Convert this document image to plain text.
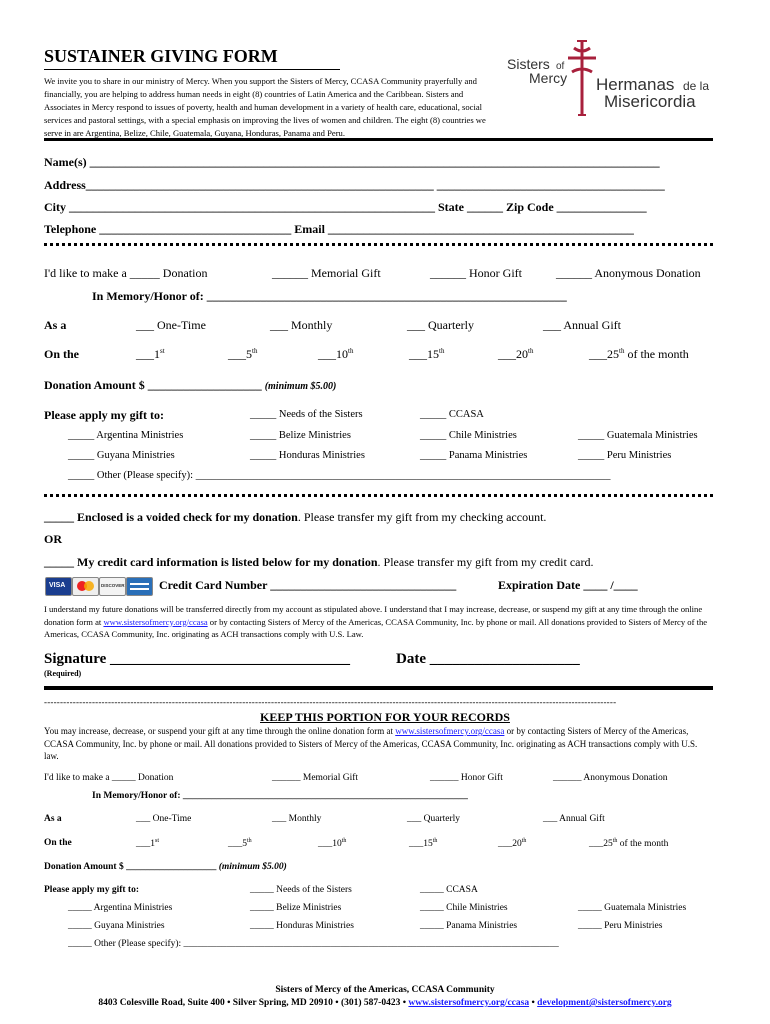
SUSTAINER GIVING FORM
We invite you to share in our ministry of Mercy. When you support the Sisters of Mercy, CCASA Community prayerfully and financially, you are helping to address human needs in eight (8) countries of Latin America and the Caribbean. Sisters and Associates in Mercy respond to issues of poverty, health and human development in a variety of health care, educational, social services and pastoral settings, with a special emphasis on improving the lives of women and children. The eight (8) countries we serve in are Argentina, Belize, Chile, Guatemala, Guyana, Honduras, Panama and Peru.
Sisters of
Mercy Hermanas de la
Misericordia
Name(s) _______________________________________________________________________________________________
Address__________________________________________________________ ______________________________________
City _____________________________________________________________ State ______ Zip Code _______________
Telephone ________________________________ Email ___________________________________________________
I'd like to make a _____ Donation	______ Memorial Gift	______ Honor Gift	______ Anonymous Donation
In Memory/Honor of: ____________________________________________________________
As a	___ One-Time	___ Monthly	___ Quarterly	___ Annual Gift
On the	___1st	___5th	___10th	___15th	___20th	___25th of the month
Donation Amount $ ___________________ (minimum $5.00)
Please apply my gift to:	_____ Needs of the Sisters	_____ CCASA
_____ Argentina Ministries	_____ Belize Ministries	_____ Chile Ministries	_____ Guatemala Ministries
_____ Guyana Ministries	_____ Honduras Ministries	_____ Panama Ministries	_____ Peru Ministries
_____ Other (Please specify): _______________________________________________________________________________
_____ Enclosed is a voided check for my donation. Please transfer my gift from my checking account.
OR
_____ My credit card information is listed below for my donation. Please transfer my gift from my credit card.
VISA	DISCOVER	Credit Card Number _______________________________	Expiration Date ____ /____
I understand my future donations will be transferred directly from my account as stipulated above. I understand that I may increase, decrease, or suspend my gift at any time through the online donation form at www.sistersofmercy.org/ccasa or by contacting Sisters of Mercy of the Americas, CCASA Community, Inc. by phone or mail. All donations provided to Sisters of Mercy of the Americas, CCASA Community, Inc. originating as ACH transactions comply with U.S. Law.
Signature ________________________________	Date ____________________
(Required)
-----------------------------------------------------------------------------------------------------------------------------------------------------------------------------------
KEEP THIS PORTION FOR YOUR RECORDS
You may increase, decrease, or suspend your gift at any time through the online donation form at www.sistersofmercy.org/ccasa or by contacting Sisters of Mercy of the Americas, CCASA Community, Inc. by phone or mail. All donations provided to Sisters of Mercy of the Americas, CCASA Community, Inc. originating as ACH transactions comply with U.S. law.
I'd like to make a _____ Donation	______ Memorial Gift	______ Honor Gift	______ Anonymous Donation
In Memory/Honor of: ____________________________________________________________
As a	___ One-Time	___ Monthly	___ Quarterly	___ Annual Gift
On the	___1st	___5th	___10th	___15th	___20th	___25th of the month
Donation Amount $ ___________________ (minimum $5.00)
Please apply my gift to:	_____ Needs of the Sisters	_____ CCASA
_____ Argentina Ministries	_____ Belize Ministries	_____ Chile Ministries	_____ Guatemala Ministries
_____ Guyana Ministries	_____ Honduras Ministries	_____ Panama Ministries	_____ Peru Ministries
_____ Other (Please specify): _______________________________________________________________________________
Sisters of Mercy of the Americas, CCASA Community
8403 Colesville Road, Suite 400 • Silver Spring, MD 20910 • (301) 587-0423 • www.sistersofmercy.org/ccasa • development@sistersofmercy.org
